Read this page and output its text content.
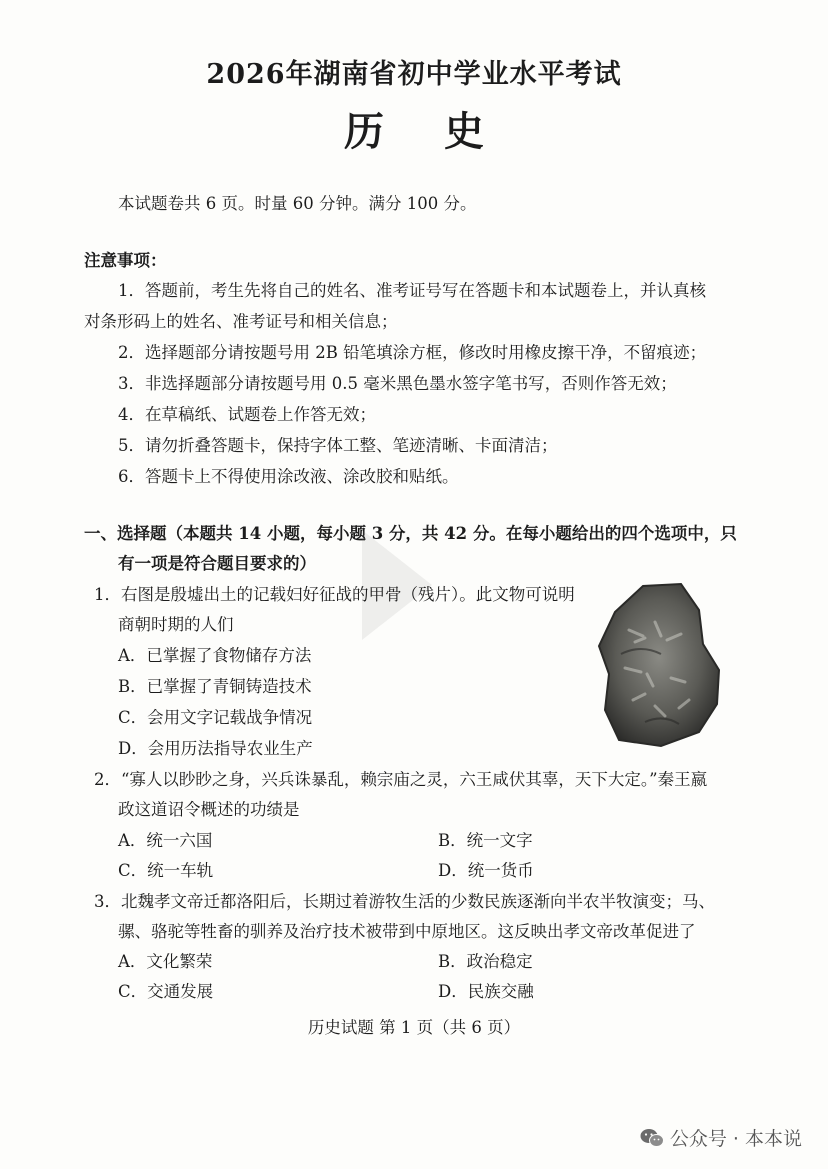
2026年湖南省初中学业水平考试
历史
本试题卷共 6 页。时量 60 分钟。满分 100 分。
注意事项：
1．答题前，考生先将自己的姓名、准考证号写在答题卡和本试题卷上，并认真核
对条形码上的姓名、准考证号和相关信息；
2．选择题部分请按题号用 2B 铅笔填涂方框，修改时用橡皮擦干净，不留痕迹；
3．非选择题部分请按题号用 0.5 毫米黑色墨水签字笔书写，否则作答无效；
4．在草稿纸、试题卷上作答无效；
5．请勿折叠答题卡，保持字体工整、笔迹清晰、卡面清洁；
6．答题卡上不得使用涂改液、涂改胶和贴纸。
一、选择题（本题共 14 小题，每小题 3 分，共 42 分。在每小题给出的四个选项中，只
有一项是符合题目要求的）
1．右图是殷墟出土的记载妇好征战的甲骨（残片）。此文物可说明
商朝时期的人们
A．已掌握了食物储存方法
B．已掌握了青铜铸造技术
C．会用文字记载战争情况
D．会用历法指导农业生产
2．“寡人以眇眇之身，兴兵诛暴乱，赖宗庙之灵，六王咸伏其辜，天下大定。”秦王嬴
政这道诏令概述的功绩是
A．统一六国	B．统一文字
C．统一车轨	D．统一货币
3．北魏孝文帝迁都洛阳后，长期过着游牧生活的少数民族逐渐向半农半牧演变；马、
骡、骆驼等牲畜的驯养及治疗技术被带到中原地区。这反映出孝文帝改革促进了
A．文化繁荣	B．政治稳定
C．交通发展	D．民族交融
历史试题 第 1 页（共 6 页）
公众号 · 本本说
